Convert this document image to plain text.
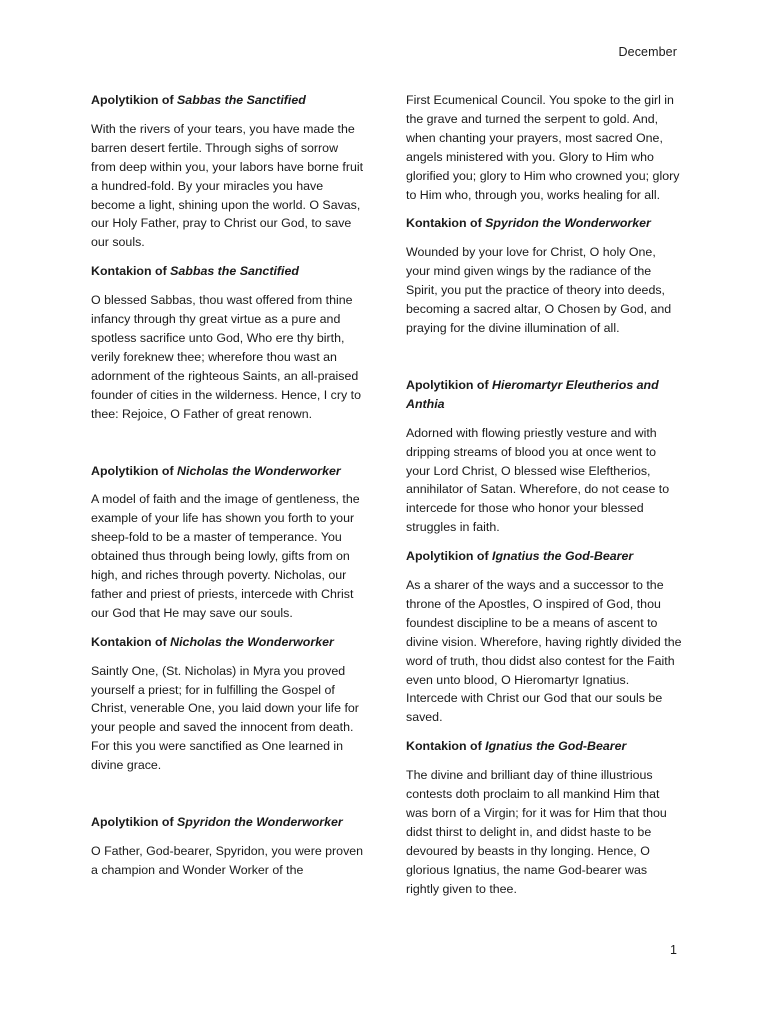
December

Apolytikion of Sabbas the Sanctified

With the rivers of your tears, you have made the barren desert fertile. Through sighs of sorrow from deep within you, your labors have borne fruit a hundred-fold. By your miracles you have become a light, shining upon the world. O Savas, our Holy Father, pray to Christ our God, to save our souls.

Kontakion of Sabbas the Sanctified

O blessed Sabbas, thou wast offered from thine infancy through thy great virtue as a pure and spotless sacrifice unto God, Who ere thy birth, verily foreknew thee; wherefore thou wast an adornment of the righteous Saints, an all-praised founder of cities in the wilderness. Hence, I cry to thee: Rejoice, O Father of great renown.

Apolytikion of Nicholas the Wonderworker

A model of faith and the image of gentleness, the example of your life has shown you forth to your sheep-fold to be a master of temperance. You obtained thus through being lowly, gifts from on high, and riches through poverty. Nicholas, our father and priest of priests, intercede with Christ our God that He may save our souls.

Kontakion of Nicholas the Wonderworker

Saintly One, (St. Nicholas) in Myra you proved yourself a priest; for in fulfilling the Gospel of Christ, venerable One, you laid down your life for your people and saved the innocent from death. For this you were sanctified as One learned in divine grace.

Apolytikion of Spyridon the Wonderworker

O Father, God-bearer, Spyridon, you were proven a champion and Wonder Worker of the

First Ecumenical Council. You spoke to the girl in the grave and turned the serpent to gold. And, when chanting your prayers, most sacred One, angels ministered with you. Glory to Him who glorified you; glory to Him who crowned you; glory to Him who, through you, works healing for all.

Kontakion of Spyridon the Wonderworker

Wounded by your love for Christ, O holy One, your mind given wings by the radiance of the Spirit, you put the practice of theory into deeds, becoming a sacred altar, O Chosen by God, and praying for the divine illumination of all.

Apolytikion of Hieromartyr Eleutherios and Anthia

Adorned with flowing priestly vesture and with dripping streams of blood you at once went to your Lord Christ, O blessed wise Eleftherios, annihilator of Satan. Wherefore, do not cease to intercede for those who honor your blessed struggles in faith.

Apolytikion of Ignatius the God-Bearer

As a sharer of the ways and a successor to the throne of the Apostles, O inspired of God, thou foundest discipline to be a means of ascent to divine vision. Wherefore, having rightly divided the word of truth, thou didst also contest for the Faith even unto blood, O Hieromartyr Ignatius. Intercede with Christ our God that our souls be saved.

Kontakion of Ignatius the God-Bearer

The divine and brilliant day of thine illustrious contests doth proclaim to all mankind Him that was born of a Virgin; for it was for Him that thou didst thirst to delight in, and didst haste to be devoured by beasts in thy longing. Hence, O glorious Ignatius, the name God-bearer was rightly given to thee.

1
